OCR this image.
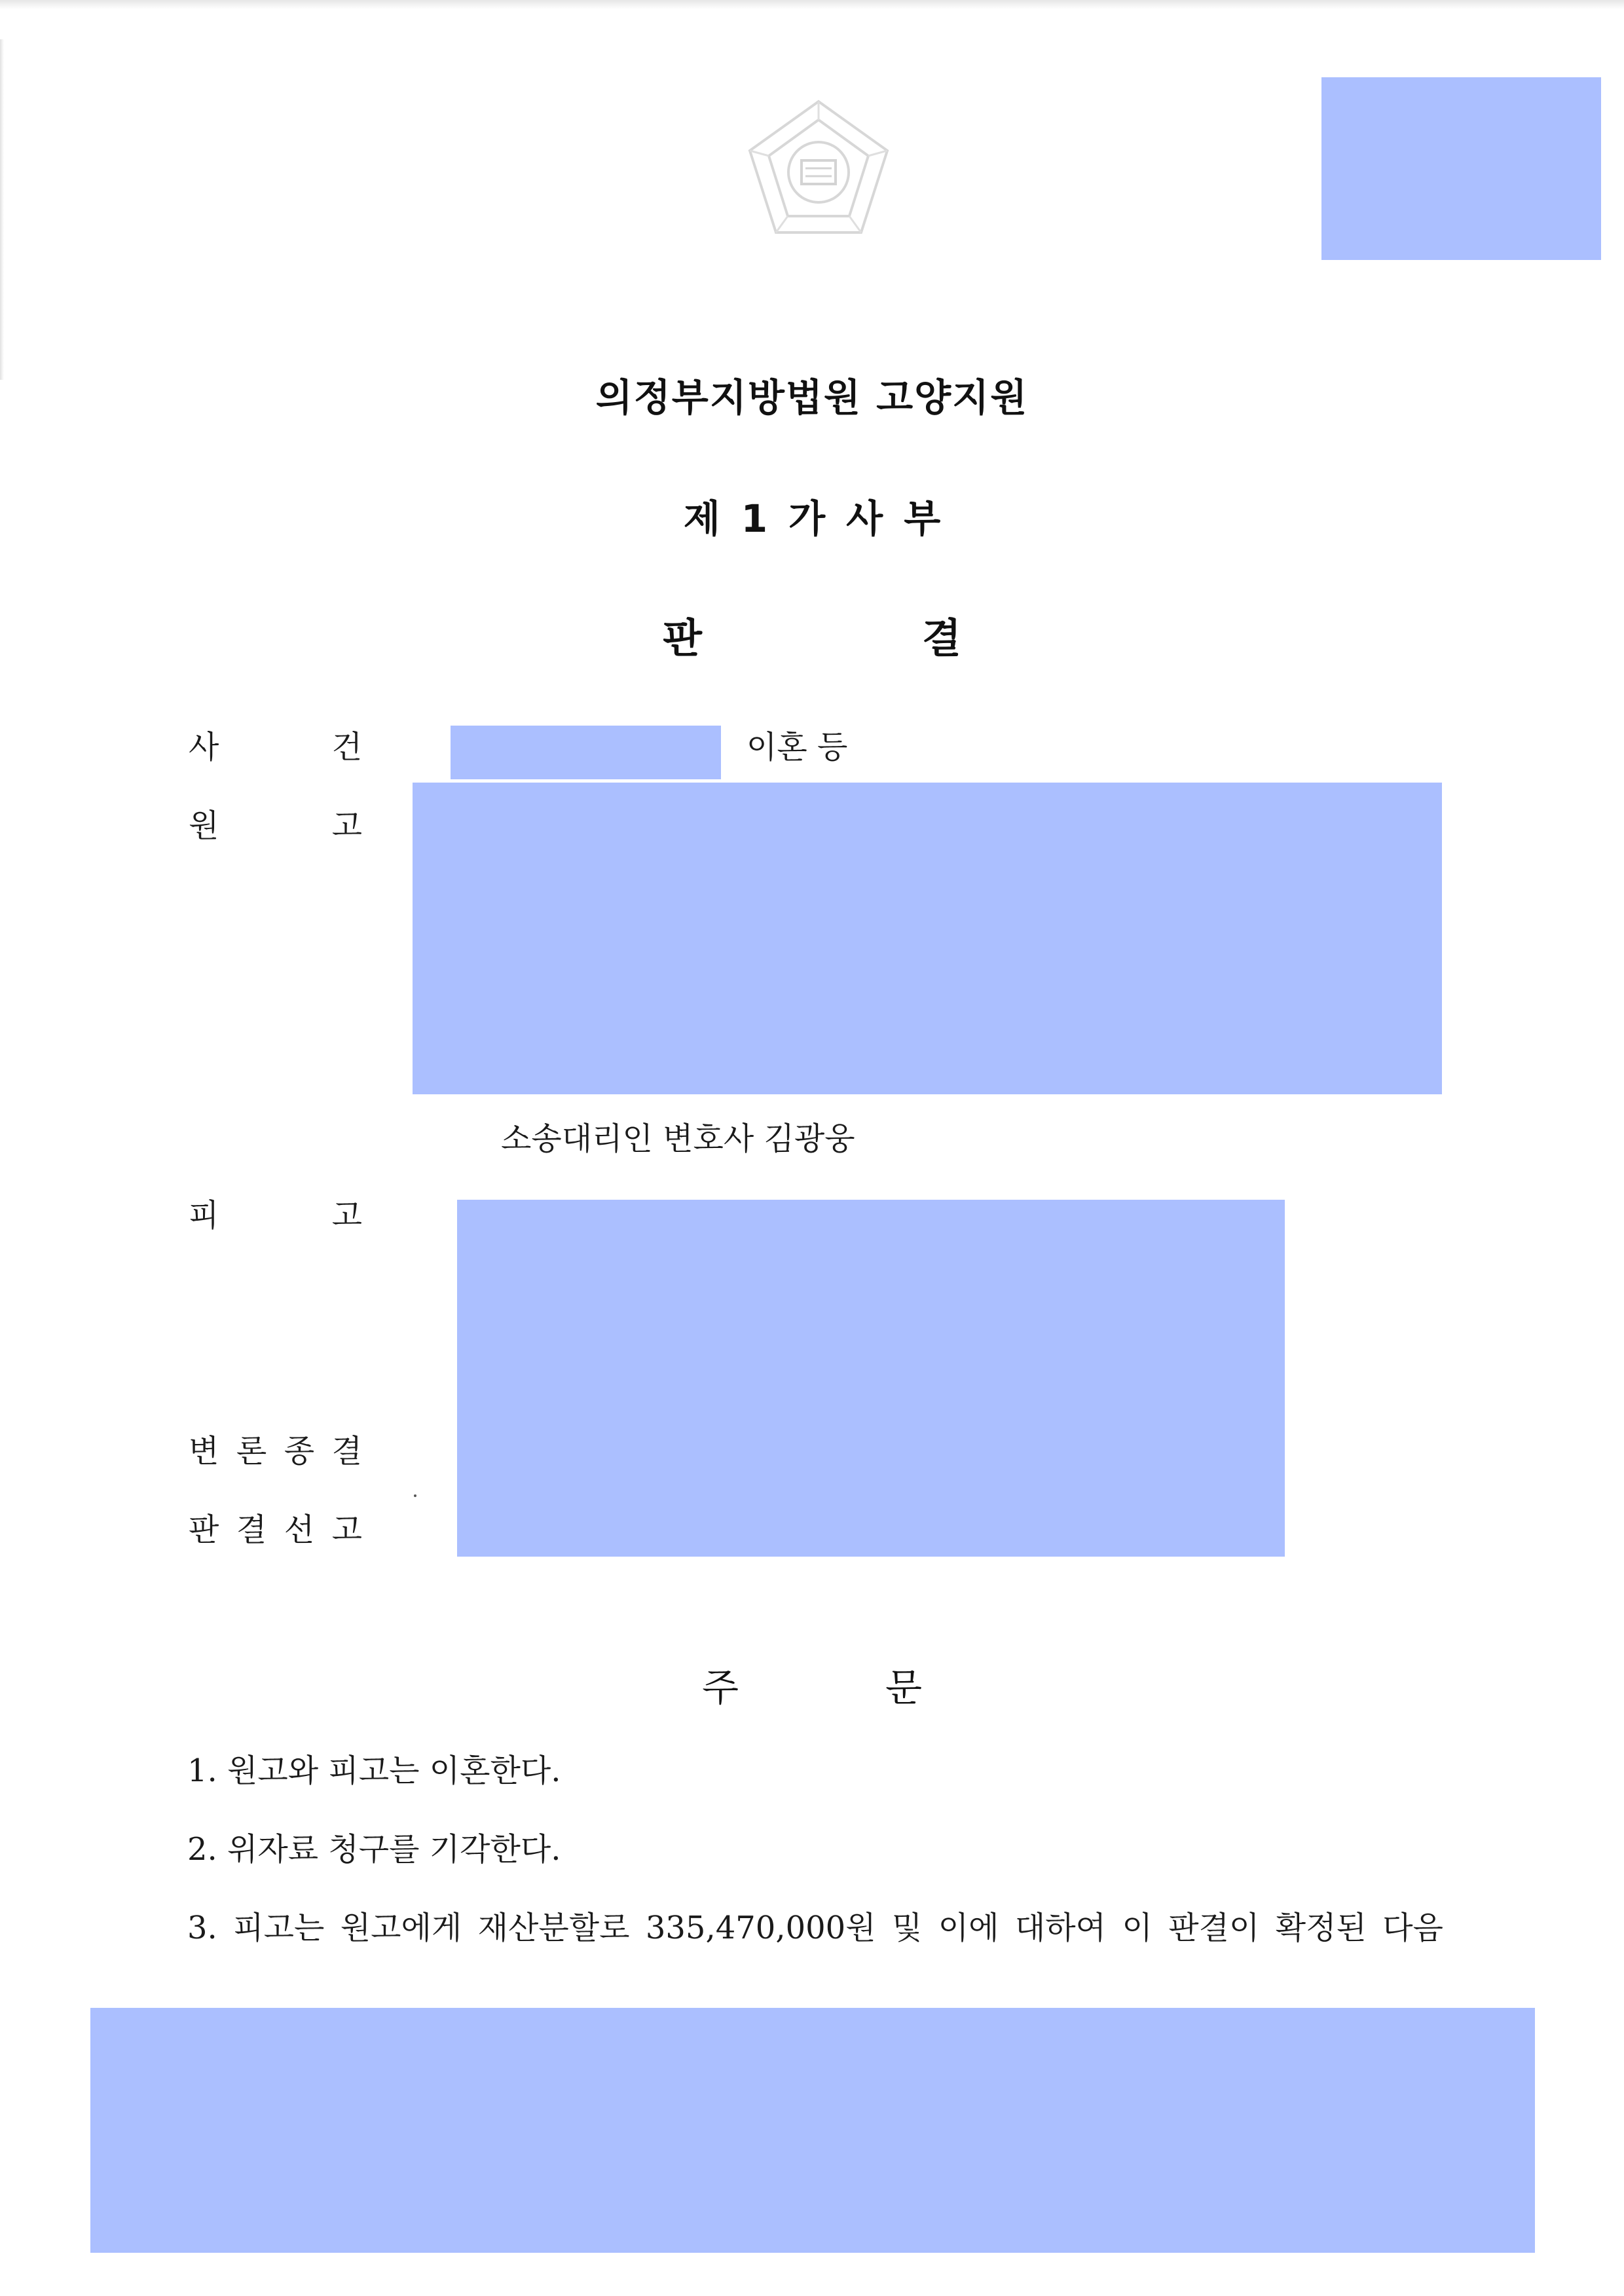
의정부지방법원 고양지원
제 1 가 사 부
판	결
사	건	이혼 등
원	고
소송대리인 변호사 김광웅
피	고
변 론 종 결
판 결 선 고
주	문
1. 원고와 피고는 이혼한다.
2. 위자료 청구를 기각한다.
3. 피고는 원고에게 재산분할로 335,470,000원 및 이에 대하여 이 판결이 확정된 다음
